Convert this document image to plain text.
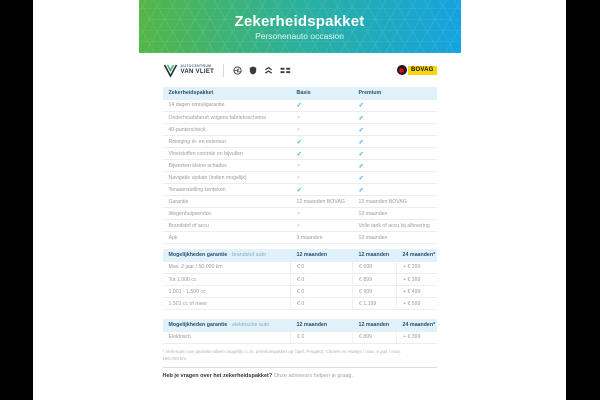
Zekerheidspakket
Personenauto occasion
AUTOCENTRUM
VAN VLIET	BOVAG
Zekerheidspakket	Basis	Premium
14 dagen omruilgarantie	✓	✓
Onderhoudsbeurt volgens fabrieksschema	✕	✓
40-puntencheck	✕	✓
Reiniging in- en exterieur	✓	✓
Vloeistoffen controle en bijvullen	✓	✓
Bijwerken kleine schades	✕	✓
Navigatie update (indien mogelijk)	✕	✓
Tenaamstelling kenteken	✓	✓
Garantie	12 maanden BOVAG	12 maanden BOVAG
Wegenhulpservice	✕	12 maanden
Brandstof of accu	✕	Volle tank of accu bij aflevering
Apk	3 maanden	12 maanden
Mogelijkheden garantie - brandstof auto	12 maanden	12 maanden	24 maanden*
Max. 2 jaar / 50.000 km	€ 0	€ 699	+ € 299
Tot 1.000 cc	€ 0	€ 899	+ € 399
1.001 - 1.500 cc	€ 0	€ 999	+ € 499
1.501 cc of meer	€ 0	€ 1.199	+ € 599
Mogelijkheden garantie - elektrische auto	12 maanden	12 maanden	24 maanden*
Elektrisch	€ 0	€ 899	+ € 399
* Verlengen van garantie alleen mogelijk i.c.m. premiumpakket op Opel, Peugeot, Citroën en Aiways / max. 8 jaar / max. 160.000 km.
Heb je vragen over het zekerheidspakket? Onze adviseurs helpen je graag.
